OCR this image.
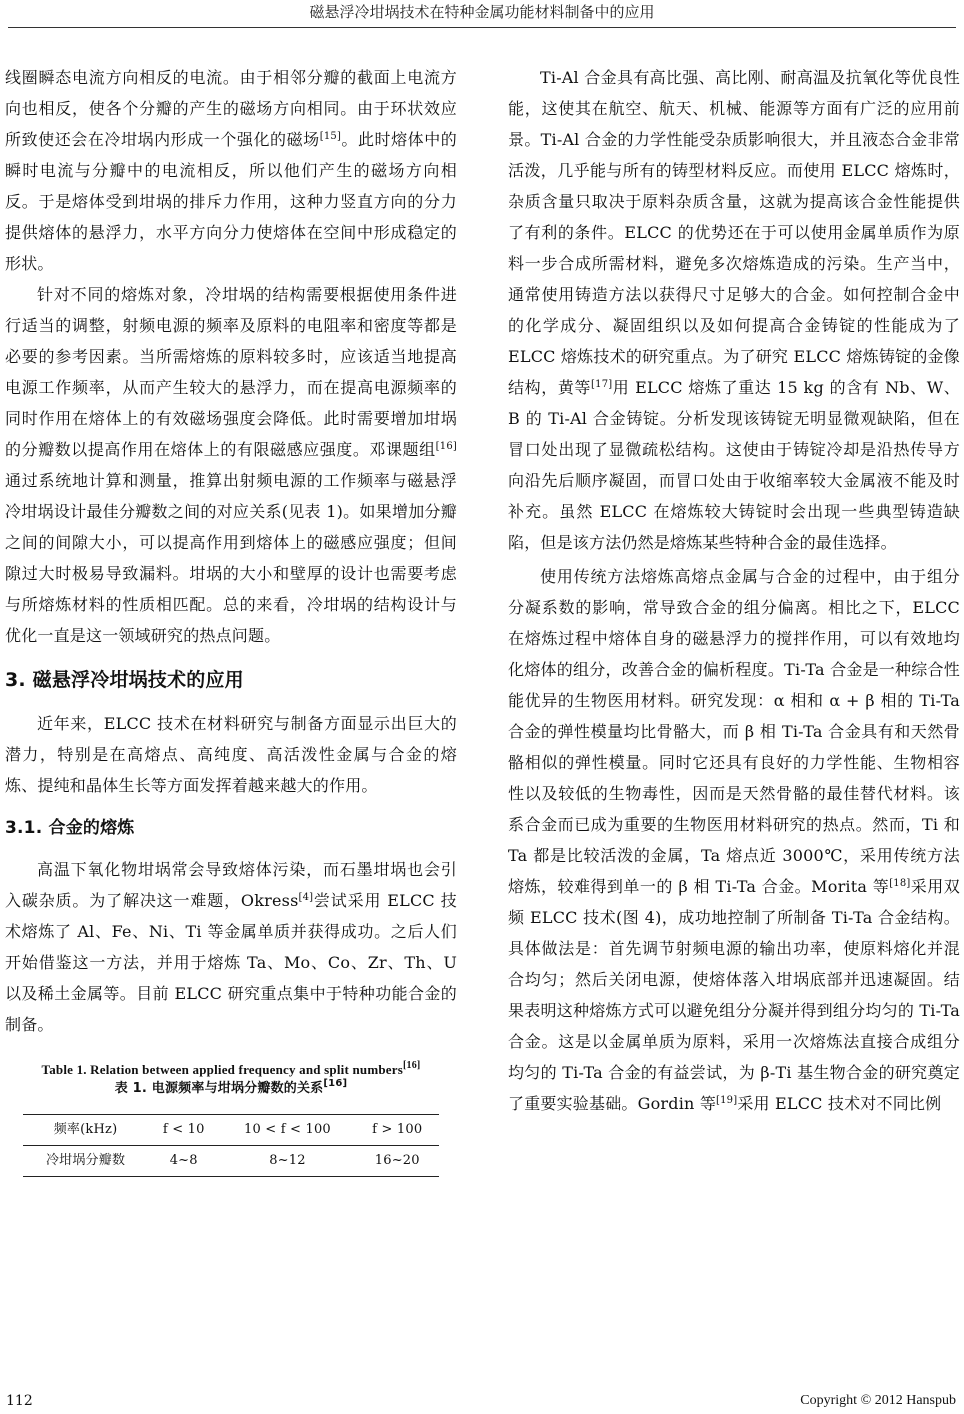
磁悬浮冷坩埚技术在特种金属功能材料制备中的应用

线圈瞬态电流方向相反的电流。由于相邻分瓣的截面上电流方向也相反，使各个分瓣的产生的磁场方向相同。由于环状效应所致使还会在冷坩埚内形成一个强化的磁场[15]。此时熔体中的瞬时电流与分瓣中的电流相反，所以他们产生的磁场方向相反。于是熔体受到坩埚的排斥力作用，这种力竖直方向的分力提供熔体的悬浮力，水平方向分力使熔体在空间中形成稳定的形状。

针对不同的熔炼对象，冷坩埚的结构需要根据使用条件进行适当的调整，射频电源的频率及原料的电阻率和密度等都是必要的参考因素。当所需熔炼的原料较多时，应该适当地提高电源工作频率，从而产生较大的悬浮力，而在提高电源频率的同时作用在熔体上的有效磁场强度会降低。此时需要增加坩埚的分瓣数以提高作用在熔体上的有限磁感应强度。邓课题组[16]通过系统地计算和测量，推算出射频电源的工作频率与磁悬浮冷坩埚设计最佳分瓣数之间的对应关系(见表 1)。如果增加分瓣之间的间隙大小，可以提高作用到熔体上的磁感应强度；但间隙过大时极易导致漏料。坩埚的大小和壁厚的设计也需要考虑与所熔炼材料的性质相匹配。总的来看，冷坩埚的结构设计与优化一直是这一领域研究的热点问题。

3. 磁悬浮冷坩埚技术的应用

近年来，ELCC 技术在材料研究与制备方面显示出巨大的潜力，特别是在高熔点、高纯度、高活泼性金属与合金的熔炼、提纯和晶体生长等方面发挥着越来越大的作用。

3.1. 合金的熔炼

高温下氧化物坩埚常会导致熔体污染，而石墨坩埚也会引入碳杂质。为了解决这一难题，Okress[4]尝试采用 ELCC 技术熔炼了 Al、Fe、Ni、Ti 等金属单质并获得成功。之后人们开始借鉴这一方法，并用于熔炼 Ta、Mo、Co、Zr、Th、U 以及稀土金属等。目前 ELCC 研究重点集中于特种功能合金的制备。

Table 1. Relation between applied frequency and split numbers[16]
表 1. 电源频率与坩埚分瓣数的关系[16]
频率(kHz)	f < 10	10 < f < 100	f > 100
冷坩埚分瓣数	4~8	8~12	16~20

Ti-Al 合金具有高比强、高比刚、耐高温及抗氧化等优良性能，这使其在航空、航天、机械、能源等方面有广泛的应用前景。Ti-Al 合金的力学性能受杂质影响很大，并且液态合金非常活泼，几乎能与所有的铸型材料反应。而使用 ELCC 熔炼时，杂质含量只取决于原料杂质含量，这就为提高该合金性能提供了有利的条件。ELCC 的优势还在于可以使用金属单质作为原料一步合成所需材料，避免多次熔炼造成的污染。生产当中，通常使用铸造方法以获得尺寸足够大的合金。如何控制合金中的化学成分、凝固组织以及如何提高合金铸锭的性能成为了 ELCC 熔炼技术的研究重点。为了研究 ELCC 熔炼铸锭的金像结构，黄等[17]用 ELCC 熔炼了重达 15 kg 的含有 Nb、W、B 的 Ti-Al 合金铸锭。分析发现该铸锭无明显微观缺陷，但在冒口处出现了显微疏松结构。这使由于铸锭冷却是沿热传导方向沿先后顺序凝固，而冒口处由于收缩率较大金属液不能及时补充。虽然 ELCC 在熔炼较大铸锭时会出现一些典型铸造缺陷，但是该方法仍然是熔炼某些特种合金的最佳选择。

使用传统方法熔炼高熔点金属与合金的过程中，由于组分分凝系数的影响，常导致合金的组分偏离。相比之下，ELCC 在熔炼过程中熔体自身的磁悬浮力的搅拌作用，可以有效地均化熔体的组分，改善合金的偏析程度。Ti-Ta 合金是一种综合性能优异的生物医用材料。研究发现：α 相和 α + β 相的 Ti-Ta 合金的弹性模量均比骨骼大，而 β 相 Ti-Ta 合金具有和天然骨骼相似的弹性模量。同时它还具有良好的力学性能、生物相容性以及较低的生物毒性，因而是天然骨骼的最佳替代材料。该系合金而已成为重要的生物医用材料研究的热点。然而，Ti 和 Ta 都是比较活泼的金属，Ta 熔点近 3000℃，采用传统方法熔炼，较难得到单一的 β 相 Ti-Ta 合金。Morita 等[18]采用双频 ELCC 技术(图 4)，成功地控制了所制备 Ti-Ta 合金结构。具体做法是：首先调节射频电源的输出功率，使原料熔化并混合均匀；然后关闭电源，使熔体落入坩埚底部并迅速凝固。结果表明这种熔炼方式可以避免组分分凝并得到组分均匀的 Ti-Ta 合金。这是以金属单质为原料，采用一次熔炼法直接合成组分均匀的 Ti-Ta 合金的有益尝试，为 β-Ti 基生物合金的研究奠定了重要实验基础。Gordin 等[19]采用 ELCC 技术对不同比例

112	Copyright © 2012 Hanspub
